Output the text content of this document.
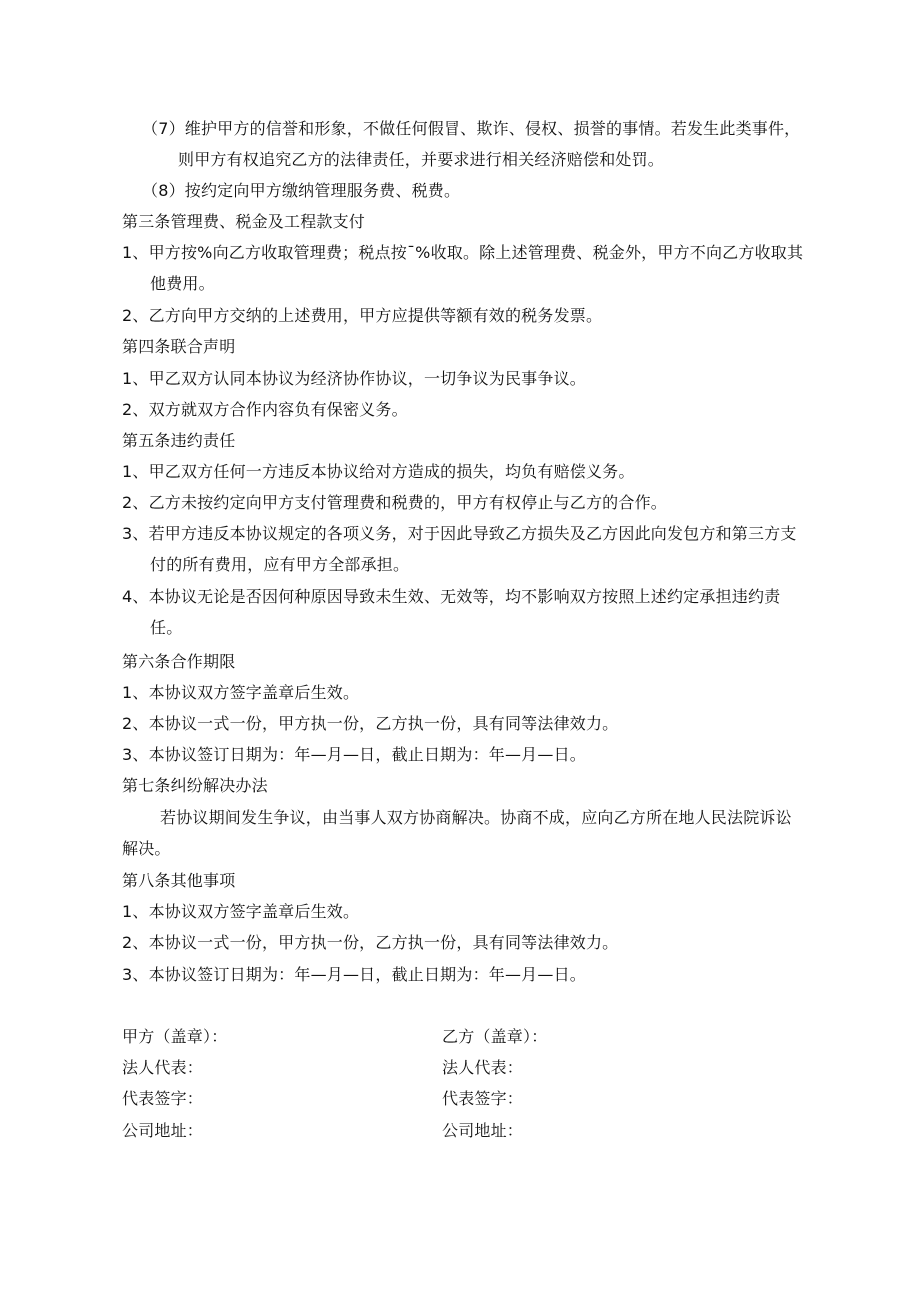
（7）维护甲方的信誉和形象，不做任何假冒、欺诈、侵权、损誉的事情。若发生此类事件，
则甲方有权追究乙方的法律责任，并要求进行相关经济赔偿和处罚。
（8）按约定向甲方缴纳管理服务费、税费。
第三条管理费、税金及工程款支付
1、甲方按%向乙方收取管理费；税点按¯%收取。除上述管理费、税金外，甲方不向乙方收取其
他费用。
2、乙方向甲方交纳的上述费用，甲方应提供等额有效的税务发票。
第四条联合声明
1、甲乙双方认同本协议为经济协作协议，一切争议为民事争议。
2、双方就双方合作内容负有保密义务。
第五条违约责任
1、甲乙双方任何一方违反本协议给对方造成的损失，均负有赔偿义务。
2、乙方未按约定向甲方支付管理费和税费的，甲方有权停止与乙方的合作。
3、若甲方违反本协议规定的各项义务，对于因此导致乙方损失及乙方因此向发包方和第三方支
付的所有费用，应有甲方全部承担。
4、本协议无论是否因何种原因导致未生效、无效等，均不影响双方按照上述约定承担违约责
任。
第六条合作期限
1、本协议双方签字盖章后生效。
2、本协议一式一份，甲方执一份，乙方执一份，具有同等法律效力。
3、本协议签订日期为：年—月—日，截止日期为：年—月—日。
第七条纠纷解决办法
若协议期间发生争议，由当事人双方协商解决。协商不成，应向乙方所在地人民法院诉讼
解决。
第八条其他事项
1、本协议双方签字盖章后生效。
2、本协议一式一份，甲方执一份，乙方执一份，具有同等法律效力。
3、本协议签订日期为：年—月—日，截止日期为：年—月—日。
甲方（盖章）：	乙方（盖章）：
法人代表：	法人代表：
代表签字：	代表签字：
公司地址：	公司地址：
